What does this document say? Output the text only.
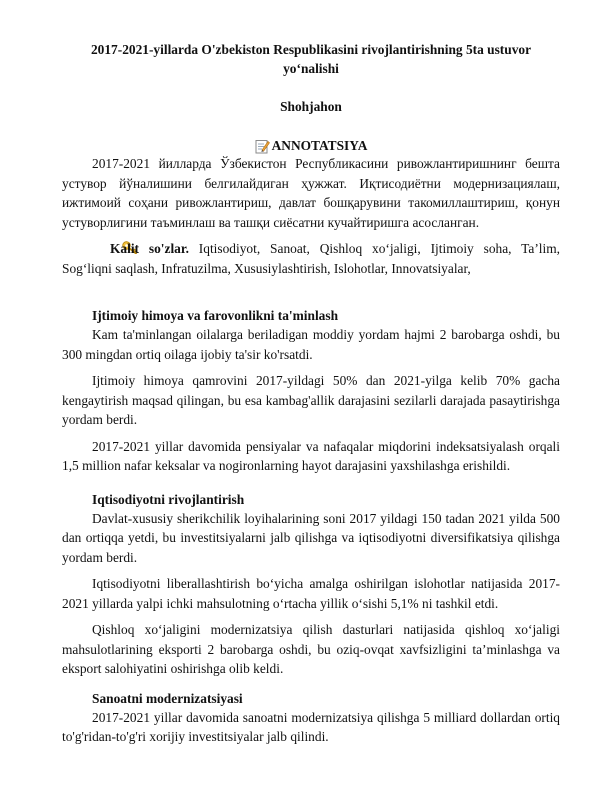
2017-2021-yillarda O'zbekiston Respublikasini rivojlantirishning 5ta ustuvor yo‘nalishi

Shohjahon

ANNOTATSIYA

2017-2021 йилларда Ўзбекистон Республикасини ривожлантиришнинг бешта устувор йўналишини белгилайдиган ҳужжат. Иқтисодиётни модернизациялаш, ижтимоий соҳани ривожлантириш, давлат бошқарувини такомиллаштириш, қонун устуворлигини таъминлаш ва ташқи сиёсатни кучайтиришга асосланган.

Kalit so'zlar. Iqtisodiyot, Sanoat, Qishloq xo‘jaligi, Ijtimoiy soha, Ta’lim, Sog‘liqni saqlash, Infratuzilma, Xususiylashtirish, Islohotlar, Innovatsiyalar,

Ijtimoiy himoya va farovonlikni ta'minlash

Kam ta'minlangan oilalarga beriladigan moddiy yordam hajmi 2 barobarga oshdi, bu 300 mingdan ortiq oilaga ijobiy ta'sir ko'rsatdi.

Ijtimoiy himoya qamrovini 2017-yildagi 50% dan 2021-yilga kelib 70% gacha kengaytirish maqsad qilingan, bu esa kambag'allik darajasini sezilarli darajada pasaytirishga yordam berdi.

2017-2021 yillar davomida pensiyalar va nafaqalar miqdorini indeksatsiyalash orqali 1,5 million nafar keksalar va nogironlarning hayot darajasini yaxshilashga erishildi.

Iqtisodiyotni rivojlantirish

Davlat-xususiy sherikchilik loyihalarining soni 2017 yildagi 150 tadan 2021 yilda 500 dan ortiqqa yetdi, bu investitsiyalarni jalb qilishga va iqtisodiyotni diversifikatsiya qilishga yordam berdi.

Iqtisodiyotni liberallashtirish bo‘yicha amalga oshirilgan islohotlar natijasida 2017-2021 yillarda yalpi ichki mahsulotning o‘rtacha yillik o‘sishi 5,1% ni tashkil etdi.

Qishloq xo‘jaligini modernizatsiya qilish dasturlari natijasida qishloq xo‘jaligi mahsulotlarining eksporti 2 barobarga oshdi, bu oziq-ovqat xavfsizligini ta’minlashga va eksport salohiyatini oshirishga olib keldi.

Sanoatni modernizatsiyasi

2017-2021 yillar davomida sanoatni modernizatsiya qilishga 5 milliard dollardan ortiq to'g'ridan-to'g'ri xorijiy investitsiyalar jalb qilindi.
